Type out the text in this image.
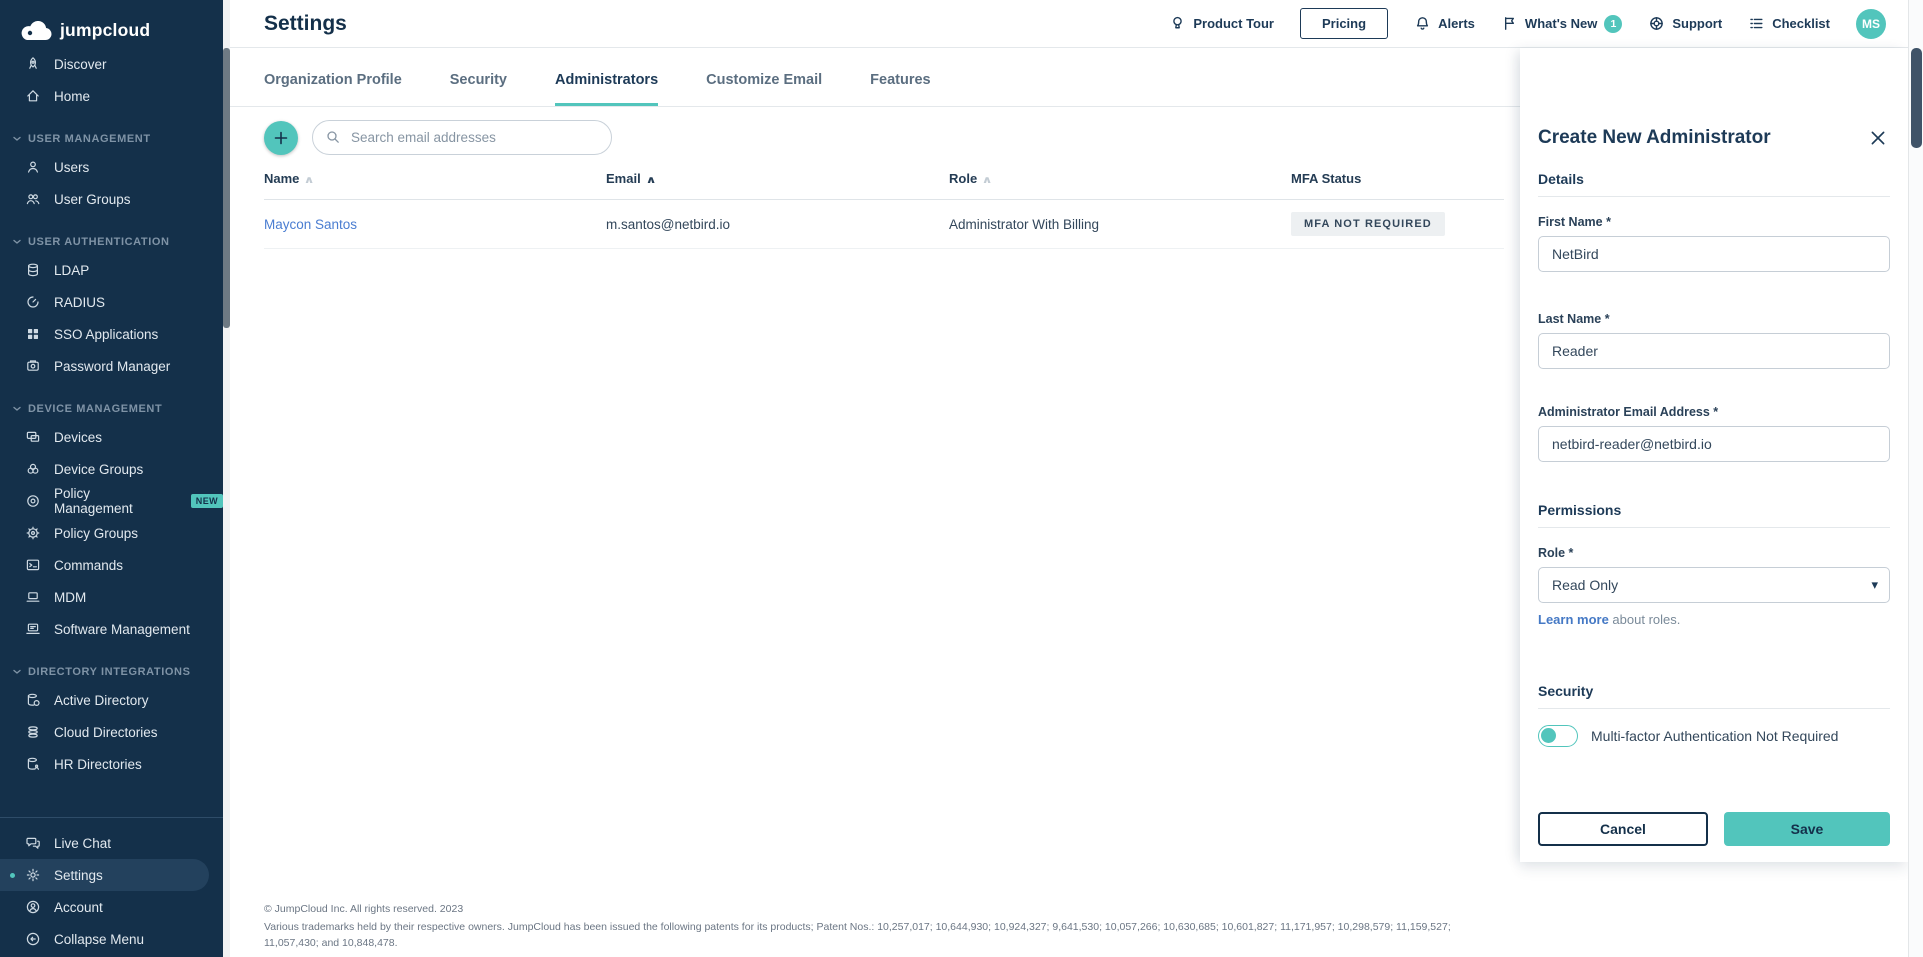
jumpcloud
Discover
Home
USER MANAGEMENT
Users
User Groups
USER AUTHENTICATION
LDAP
RADIUS
SSO Applications
Password Manager
DEVICE MANAGEMENT
Devices
Device Groups
Policy Management	NEW
Policy Groups
Commands
MDM
Software Management
DIRECTORY INTEGRATIONS
Active Directory
Cloud Directories
HR Directories
Live Chat
Settings
Account
Collapse Menu
Settings	Product Tour	Pricing	Alerts	What's New	1	Support	Checklist	MS
Organization Profile	Security	Administrators	Customize Email	Features
Search email addresses
Name ∧	Email ∧	Role ∧	MFA Status
Maycon Santos	m.santos@netbird.io	Administrator With Billing	MFA NOT REQUIRED
© JumpCloud Inc. All rights reserved. 2023
Various trademarks held by their respective owners. JumpCloud has been issued the following patents for its products; Patent Nos.: 10,257,017; 10,644,930; 10,924,327; 9,641,530; 10,057,266; 10,630,685; 10,601,827; 11,171,957; 10,298,579; 11,159,527;
11,057,430; and 10,848,478.
Create New Administrator
Details
First Name *
NetBird
Last Name *
Reader
Administrator Email Address *
netbird-reader@netbird.io
Permissions
Role *
Read Only
▾
Learn more about roles.
Security
Multi-factor Authentication Not Required
Cancel	Save
